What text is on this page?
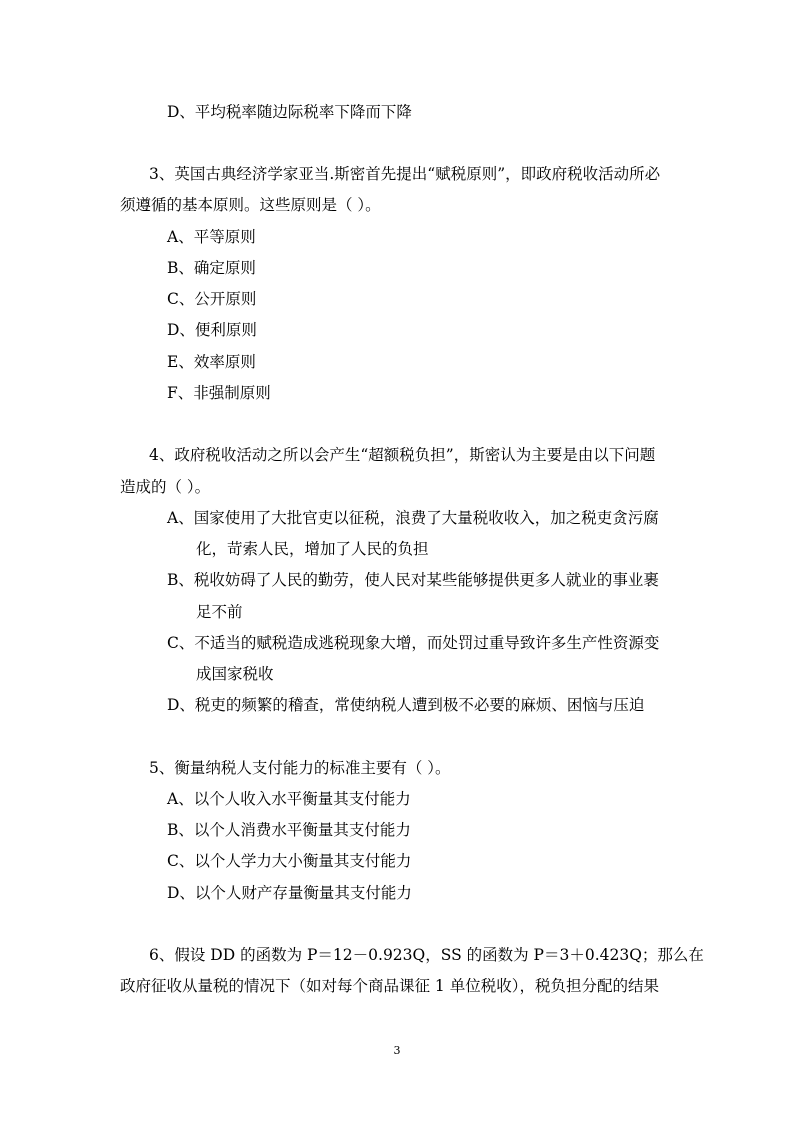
D、平均税率随边际税率下降而下降
3、英国古典经济学家亚当.斯密首先提出“赋税原则”，即政府税收活动所必
须遵循的基本原则。这些原则是（ ）。
A、平等原则
B、确定原则
C、公开原则
D、便利原则
E、效率原则
F、非强制原则
4、政府税收活动之所以会产生“超额税负担”，斯密认为主要是由以下问题
造成的（ ）。
A、国家使用了大批官吏以征税，浪费了大量税收收入，加之税吏贪污腐
化，苛索人民，增加了人民的负担
B、税收妨碍了人民的勤劳，使人民对某些能够提供更多人就业的事业裹
足不前
C、不适当的赋税造成逃税现象大增，而处罚过重导致许多生产性资源变
成国家税收
D、税吏的频繁的稽查，常使纳税人遭到极不必要的麻烦、困恼与压迫
5、衡量纳税人支付能力的标准主要有（ ）。
A、以个人收入水平衡量其支付能力
B、以个人消费水平衡量其支付能力
C、以个人学力大小衡量其支付能力
D、以个人财产存量衡量其支付能力
6、假设 DD 的函数为 P＝12－0.923Q，SS 的函数为 P＝3＋0.423Q；那么在
政府征收从量税的情况下（如对每个商品课征 1 单位税收），税负担分配的结果
3
